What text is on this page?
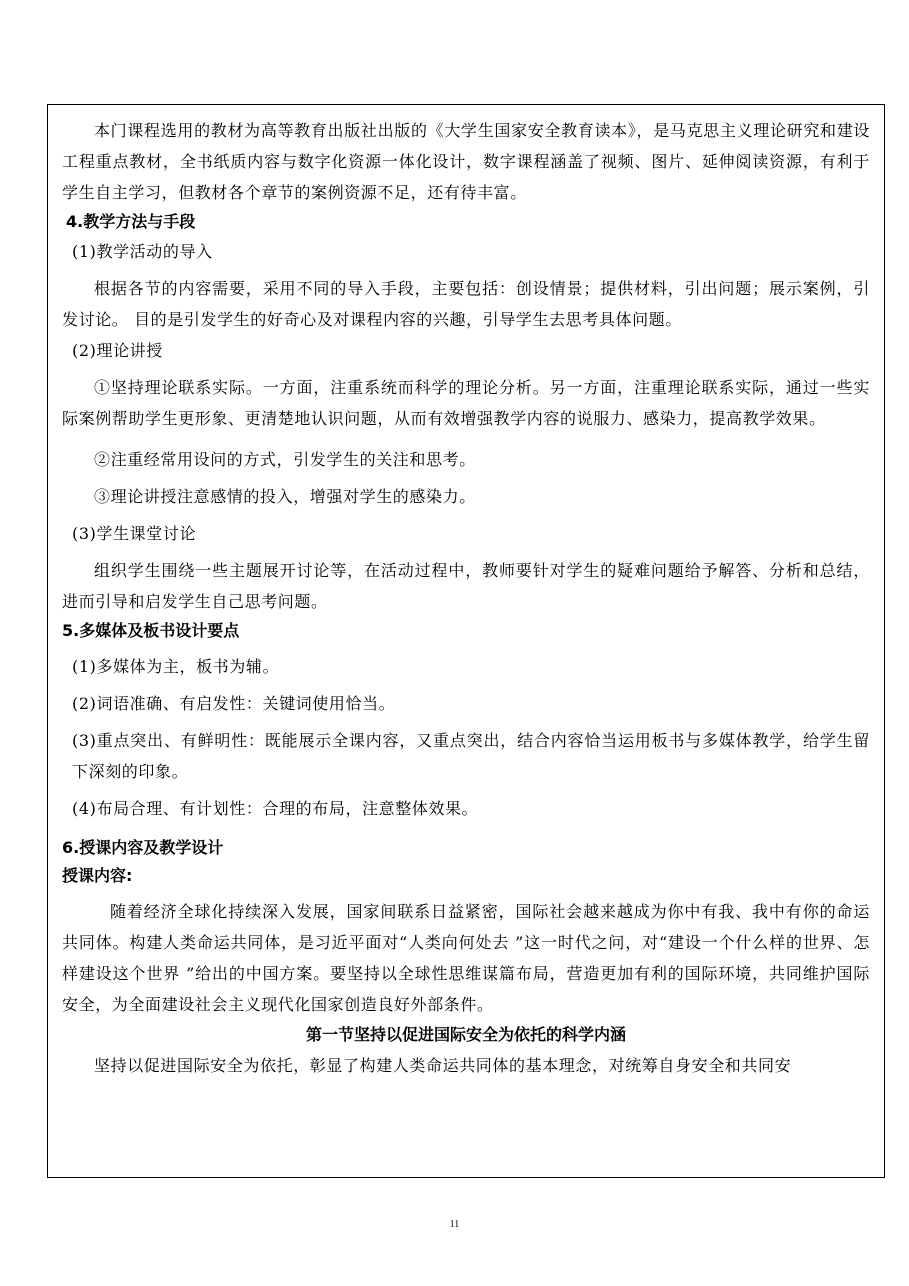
本门课程选用的教材为高等教育出版社出版的《大学生国家安全教育读本》，是马克思主义理论研究和建设工程重点教材，全书纸质内容与数字化资源一体化设计，数字课程涵盖了视频、图片、延伸阅读资源，有利于学生自主学习，但教材各个章节的案例资源不足，还有待丰富。

4.教学方法与手段

(1)教学活动的导入

根据各节的内容需要，采用不同的导入手段，主要包括：创设情景；提供材料，引出问题；展示案例，引发讨论。 目的是引发学生的好奇心及对课程内容的兴趣，引导学生去思考具体问题。

(2)理论讲授

①坚持理论联系实际。一方面，注重系统而科学的理论分析。另一方面，注重理论联系实际，通过一些实际案例帮助学生更形象、更清楚地认识问题，从而有效增强教学内容的说服力、感染力，提高教学效果。

②注重经常用设问的方式，引发学生的关注和思考。

③理论讲授注意感情的投入，增强对学生的感染力。

(3)学生课堂讨论

组织学生围绕一些主题展开讨论等，在活动过程中，教师要针对学生的疑难问题给予解答、分析和总结，进而引导和启发学生自己思考问题。

5.多媒体及板书设计要点

(1)多媒体为主，板书为辅。

(2)词语准确、有启发性：关键词使用恰当。

(3)重点突出、有鲜明性：既能展示全课内容，又重点突出，结合内容恰当运用板书与多媒体教学，给学生留下深刻的印象。

(4)布局合理、有计划性：合理的布局，注意整体效果。

6.授课内容及教学设计

授课内容:

随着经济全球化持续深入发展，国家间联系日益紧密，国际社会越来越成为你中有我、我中有你的命运共同体。构建人类命运共同体，是习近平面对“人类向何处去 ”这一时代之问，对“建设一个什么样的世界、怎样建设这个世界 ”给出的中国方案。要坚持以全球性思维谋篇布局，营造更加有利的国际环境，共同维护国际安全，为全面建设社会主义现代化国家创造良好外部条件。

第一节坚持以促进国际安全为依托的科学内涵

坚持以促进国际安全为依托，彰显了构建人类命运共同体的基本理念，对统筹自身安全和共同安

11
